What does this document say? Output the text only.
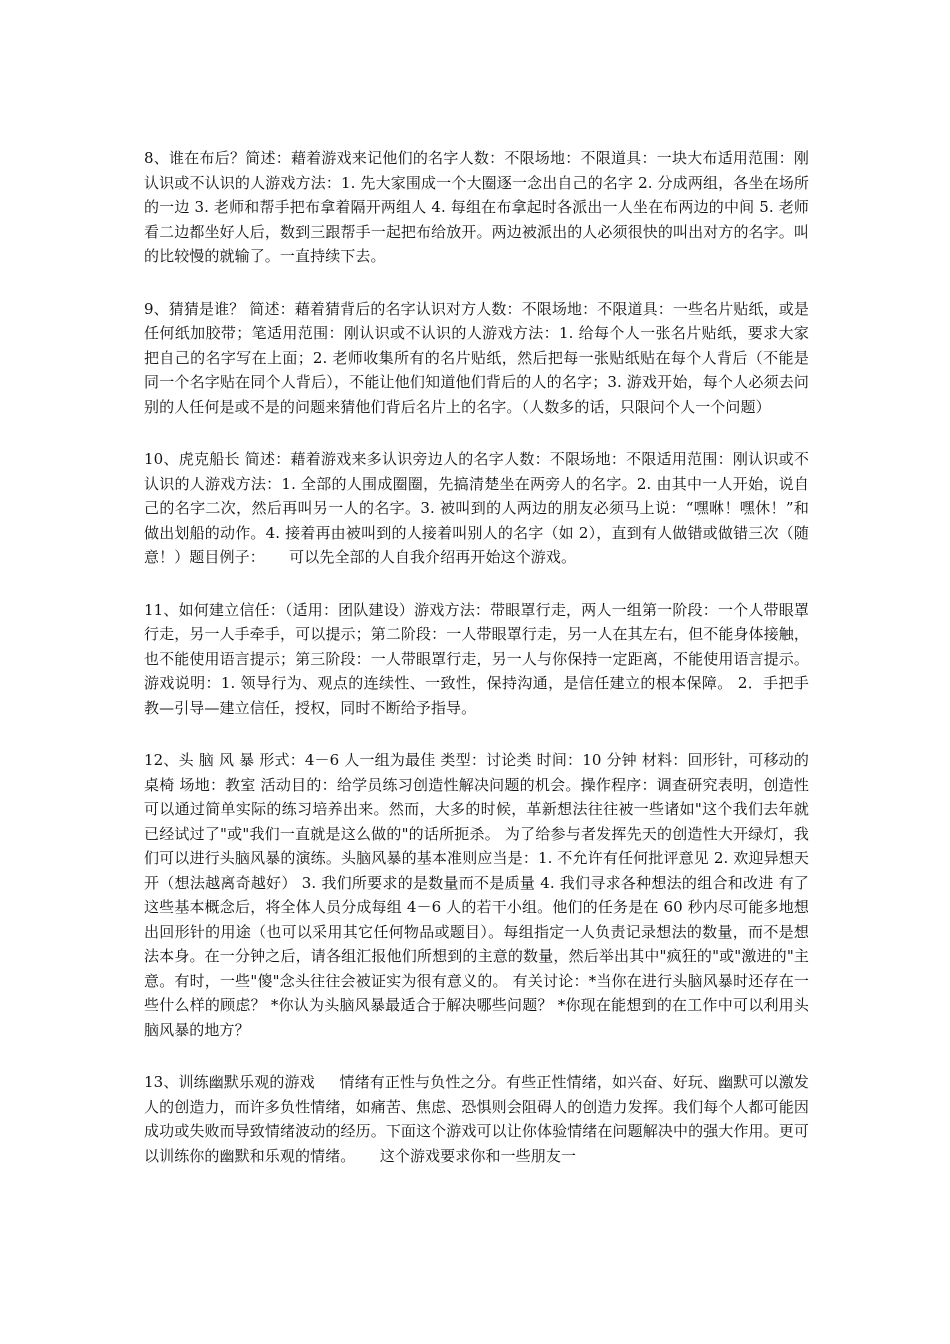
8、谁在布后？简述：藉着游戏来记他们的名字人数：不限场地：不限道具：一块大布适用范围：刚认识或不认识的人游戏方法：1. 先大家围成一个大圈逐一念出自己的名字 2. 分成两组，各坐在场所的一边 3. 老师和帮手把布拿着隔开两组人 4. 每组在布拿起时各派出一人坐在布两边的中间 5. 老师看二边都坐好人后，数到三跟帮手一起把布给放开。两边被派出的人必须很快的叫出对方的名字。叫的比较慢的就输了。一直持续下去。

9、猜猜是谁？ 简述：藉着猜背后的名字认识对方人数：不限场地：不限道具：一些名片贴纸，或是任何纸加胶带；笔适用范围：刚认识或不认识的人游戏方法：1. 给每个人一张名片贴纸，要求大家把自己的名字写在上面；2. 老师收集所有的名片贴纸，然后把每一张贴纸贴在每个人背后（不能是同一个名字贴在同个人背后），不能让他们知道他们背后的人的名字；3. 游戏开始，每个人必须去问别的人任何是或不是的问题来猜他们背后名片上的名字。（人数多的话，只限问个人一个问题）

10、虎克船长 简述：藉着游戏来多认识旁边人的名字人数：不限场地：不限适用范围：刚认识或不认识的人游戏方法：1. 全部的人围成圈圈，先搞清楚坐在两旁人的名字。2. 由其中一人开始，说自己的名字二次，然后再叫另一人的名字。3. 被叫到的人两边的朋友必须马上说：“嘿咻！嘿休！”和做出划船的动作。4. 接着再由被叫到的人接着叫别人的名字（如 2），直到有人做错或做错三次（随意！）题目例子：     可以先全部的人自我介绍再开始这个游戏。

11、如何建立信任：（适用：团队建设）游戏方法：带眼罩行走，两人一组第一阶段：一个人带眼罩行走，另一人手牵手，可以提示；第二阶段：一人带眼罩行走，另一人在其左右，但不能身体接触，也不能使用语言提示；第三阶段：一人带眼罩行走，另一人与你保持一定距离，不能使用语言提示。游戏说明：1. 领导行为、观点的连续性、一致性，保持沟通，是信任建立的根本保障。 2．手把手教—引导—建立信任，授权，同时不断给予指导。

12、头 脑 风 暴 形式：4－6 人一组为最佳 类型：讨论类 时间：10 分钟 材料：回形针，可移动的桌椅 场地：教室 活动目的：给学员练习创造性解决问题的机会。操作程序：调查研究表明，创造性可以通过简单实际的练习培养出来。然而，大多的时候，革新想法往往被一些诸如"这个我们去年就已经试过了"或"我们一直就是这么做的"的话所扼杀。 为了给参与者发挥先天的创造性大开绿灯，我们可以进行头脑风暴的演练。头脑风暴的基本准则应当是：1. 不允许有任何批评意见 2. 欢迎异想天开（想法越离奇越好） 3. 我们所要求的是数量而不是质量 4. 我们寻求各种想法的组合和改进 有了这些基本概念后，将全体人员分成每组 4－6 人的若干小组。他们的任务是在 60 秒内尽可能多地想出回形针的用途（也可以采用其它任何物品或题目）。每组指定一人负责记录想法的数量，而不是想法本身。在一分钟之后，请各组汇报他们所想到的主意的数量，然后举出其中"疯狂的"或"激进的"主意。有时，一些"傻"念头往往会被证实为很有意义的。 有关讨论：*当你在进行头脑风暴时还存在一些什么样的顾虑？ *你认为头脑风暴最适合于解决哪些问题？ *你现在能想到的在工作中可以利用头脑风暴的地方？

13、训练幽默乐观的游戏     情绪有正性与负性之分。有些正性情绪，如兴奋、好玩、幽默可以激发人的创造力，而许多负性情绪，如痛苦、焦虑、恐惧则会阻碍人的创造力发挥。我们每个人都可能因成功或失败而导致情绪波动的经历。下面这个游戏可以让你体验情绪在问题解决中的强大作用。更可以训练你的幽默和乐观的情绪。     这个游戏要求你和一些朋友一
